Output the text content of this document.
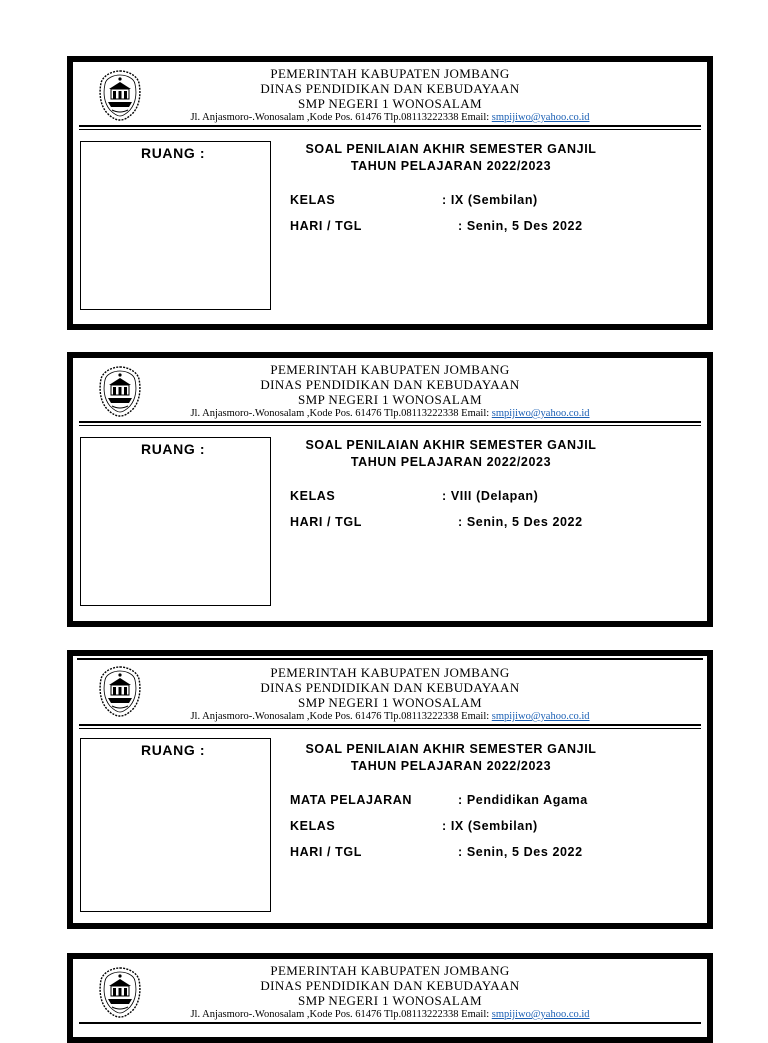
PEMERINTAH KABUPATEN JOMBANG
DINAS PENDIDIKAN DAN KEBUDAYAAN
SMP NEGERI 1 WONOSALAM
Jl. Anjasmoro-.Wonosalam ,Kode Pos. 61476 Tlp.08113222338 Email: smpijiwo@yahoo.co.id
RUANG :	SOAL PENILAIAN AKHIR SEMESTER GANJIL
TAHUN PELAJARAN 2022/2023
KELAS	: IX (Sembilan)
HARI / TGL	: Senin, 5 Des 2022
PEMERINTAH KABUPATEN JOMBANG
DINAS PENDIDIKAN DAN KEBUDAYAAN
SMP NEGERI 1 WONOSALAM
Jl. Anjasmoro-.Wonosalam ,Kode Pos. 61476 Tlp.08113222338 Email: smpijiwo@yahoo.co.id
RUANG :	SOAL PENILAIAN AKHIR SEMESTER GANJIL
TAHUN PELAJARAN 2022/2023
KELAS	: VIII (Delapan)
HARI / TGL	: Senin, 5 Des 2022
PEMERINTAH KABUPATEN JOMBANG
DINAS PENDIDIKAN DAN KEBUDAYAAN
SMP NEGERI 1 WONOSALAM
Jl. Anjasmoro-.Wonosalam ,Kode Pos. 61476 Tlp.08113222338 Email: smpijiwo@yahoo.co.id
RUANG :	SOAL PENILAIAN AKHIR SEMESTER GANJIL
TAHUN PELAJARAN 2022/2023
MATA PELAJARAN	: Pendidikan Agama
KELAS	: IX (Sembilan)
HARI / TGL	: Senin, 5 Des 2022
PEMERINTAH KABUPATEN JOMBANG
DINAS PENDIDIKAN DAN KEBUDAYAAN
SMP NEGERI 1 WONOSALAM
Jl. Anjasmoro-.Wonosalam ,Kode Pos. 61476 Tlp.08113222338 Email: smpijiwo@yahoo.co.id
